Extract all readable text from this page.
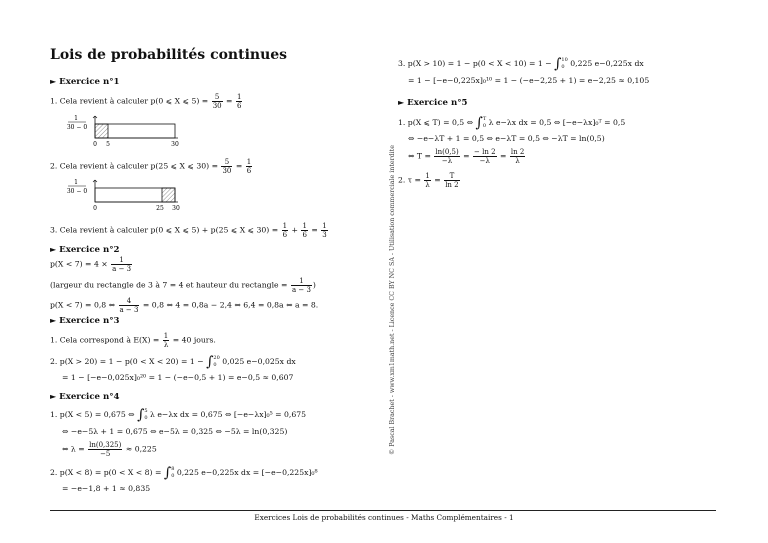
Lois de probabilités continues
► Exercice n°1
1. Cela revient à calculer p(0 ⩽ X ⩽ $5) = \frac{5}{30} = \frac{1}{6}$
1
30 − 0
0 5	30
2. Cela revient à calculer p(25 ⩽ X ⩽ $30) = \frac{5}{30} = \frac{1}{6}$
1
30 − 0
0	25 30
3. Cela revient à calculer p(0 ⩽ X ⩽ 5) + p(25 ⩽ X ⩽ $30) = \frac{1}{6} + \frac{1}{6} = \frac{1}{3}$
► Exercice n°2
$p(X < 7) = 4 \times \frac{1}{a - 3}$
(largeur du rectangle de 3 à 7 = 4 et hauteur du rectangle = $\frac{1}{a - 3}$ )
p(X < 7) = 0,8 ⇔ $\frac{4}{a - 3} = 0,8$ ⇔ 4 = 0,8a − 2,4 ⇔ 6,4 = 0,8a ⇔ a = 8.
► Exercice n°3
1. Cela correspond à $E(X) = \frac{1}{\lambda} = 40$ jours.
2. p(X > 20) = 1 − p(0 < X < 20) = 1 − ∫ 20
0 0,025 e−0,025x dx
= 1 − [−e−0,025x]₀²⁰ = 1 − (−e−0,5 + 1) = e−0,5 ≈ 0,607
► Exercice n°4
1. p(X < 5) = 0,675 ⇔ ∫ 5
0 λ e−λx dx = 0,675 ⇔ [−e−λx]₀⁵ = 0,675
⇔ −e−5λ + 1 = 0,675 ⇔ e−5λ = 0,325 ⇔ −5λ = ln(0,325)
⇔ $\lambda = \frac{\ln(0,325)}{-5} \approx 0,225$
2. p(X < 8) = p(0 < X < 8) = ∫ 8
0 0,225 e−0,225x dx = [−e−0,225x]₀⁸
= −e−1,8 + 1 ≈ 0,835
3. p(X > 10) = 1 − p(0 < X < 10) = 1 − ∫ 10
0 0,225 e−0,225x dx
= 1 − [−e−0,225x]₀¹⁰ = 1 − (−e−2,25 + 1) = e−2,25 ≈ 0,105
► Exercice n°5
1. p(X ⩽ T) = 0,5 ⇔ ∫ T
0 λ e−λx dx = 0,5 ⇔ [−e−λx]₀ᵀ = 0,5
⇔ −e−λT + 1 = 0,5 ⇔ e−λT = 0,5 ⇔ −λT = ln(0,5)
⇔ $T = \frac{\ln(0,5)}{-\lambda} = \frac{- \ln 2}{-\lambda} = \frac{\ln 2}{\lambda}$
2. $\tau = \frac{1}{\lambda} = \frac{T}{\ln 2}$
© Pascal Brachet - www.xm1math.net - Licence CC BY NC SA - Utilisation commerciale interdite
Exercices Lois de probabilités continues - Maths Complémentaires - 1
